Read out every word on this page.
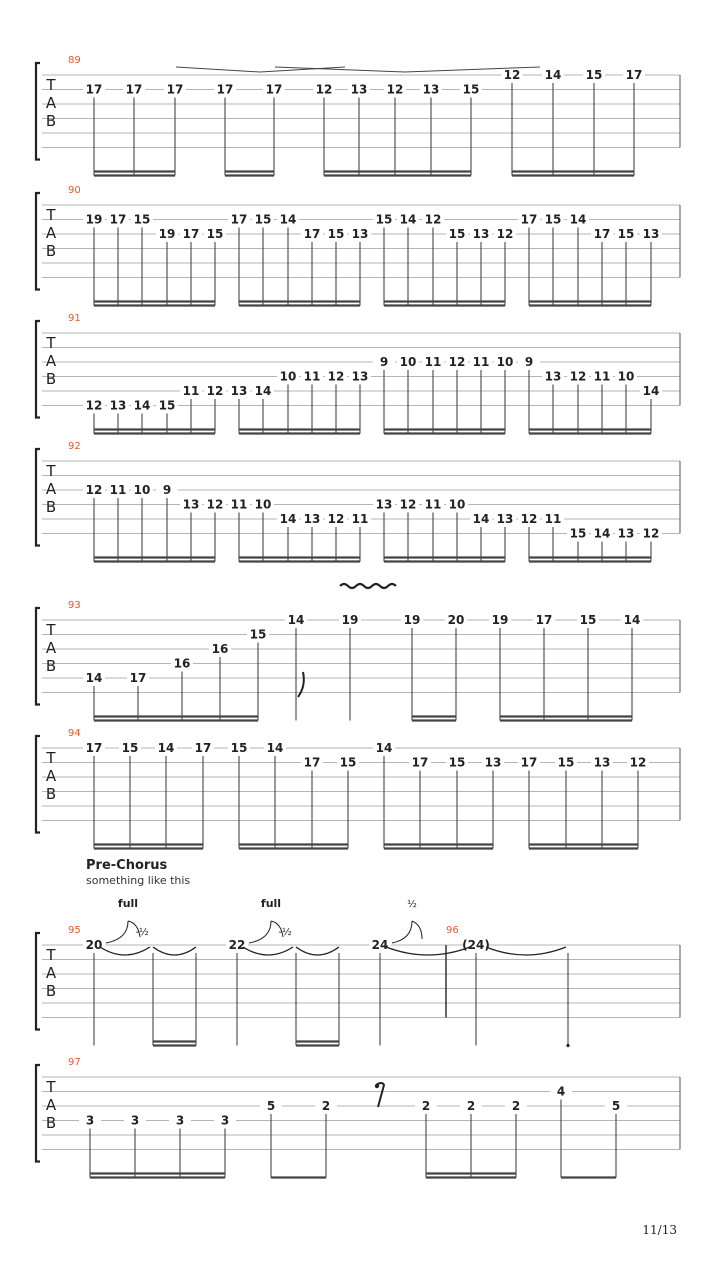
T
A
B
89
17 17 17	17	17	12 13 12 13 15
12 14 15 17
T
A
B
90
19 17 15
19 17 15
17 15 14
17 15 13
15 14 12
15 13 12
17 15 14
17 15 13
T
A
B
91
12 13 14 15
11 12 13 14
10 11 12 13
9 10 11 12 11 10 9
13 12 11 10
14
T
A
B
92
12 11 10 9
13 12 11 10
14 13 12 11
13 12 11 10
14 13 12 11
15 14 13 12
T
A
B
93
14 17
16
16
15
14	19	19 20 19 17 15 14
T
A
B
94
17 15 14 17 15 14
17 15
14
17 15 13 17 15 13 12
T
A
B
95
20	22	24	(24)
96
full
-½
full
-½
½
T
A
B
97
3	3	3	3
5	2	2	2	2
4
5
Pre-Chorus
something like this
11/13
